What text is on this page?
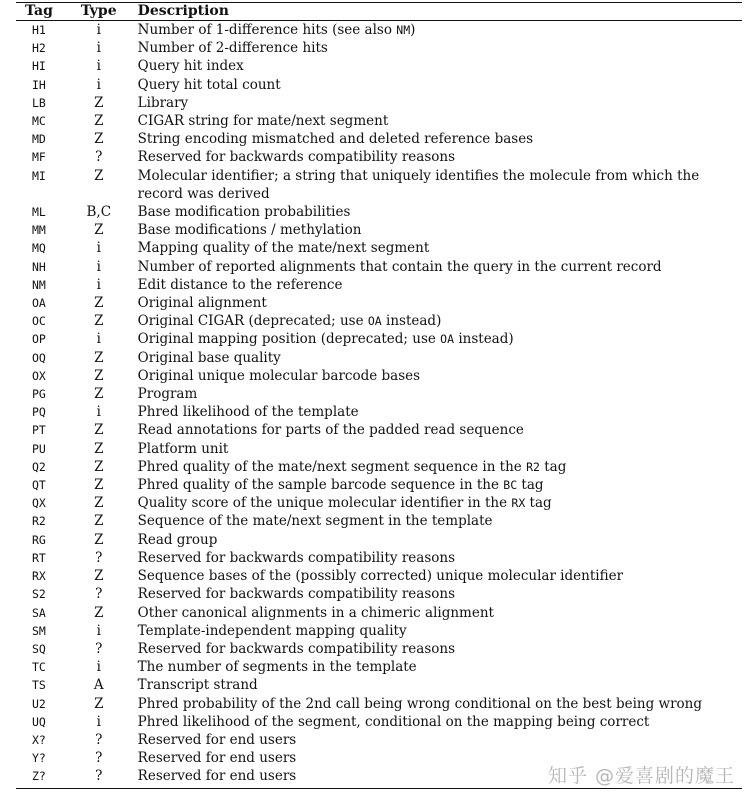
Tag	Type	Description
H1	i	Number of 1-difference hits (see also NM)
H2	i	Number of 2-difference hits
HI	i	Query hit index
IH	i	Query hit total count
LB	Z	Library
MC	Z	CIGAR string for mate/next segment
MD	Z	String encoding mismatched and deleted reference bases
MF	?	Reserved for backwards compatibility reasons
MI	Z	Molecular identifier; a string that uniquely identifies the molecule from which the record was derived
ML	B,C	Base modification probabilities
MM	Z	Base modifications / methylation
MQ	i	Mapping quality of the mate/next segment
NH	i	Number of reported alignments that contain the query in the current record
NM	i	Edit distance to the reference
OA	Z	Original alignment
OC	Z	Original CIGAR (deprecated; use OA instead)
OP	i	Original mapping position (deprecated; use OA instead)
OQ	Z	Original base quality
OX	Z	Original unique molecular barcode bases
PG	Z	Program
PQ	i	Phred likelihood of the template
PT	Z	Read annotations for parts of the padded read sequence
PU	Z	Platform unit
Q2	Z	Phred quality of the mate/next segment sequence in the R2 tag
QT	Z	Phred quality of the sample barcode sequence in the BC tag
QX	Z	Quality score of the unique molecular identifier in the RX tag
R2	Z	Sequence of the mate/next segment in the template
RG	Z	Read group
RT	?	Reserved for backwards compatibility reasons
RX	Z	Sequence bases of the (possibly corrected) unique molecular identifier
S2	?	Reserved for backwards compatibility reasons
SA	Z	Other canonical alignments in a chimeric alignment
SM	i	Template-independent mapping quality
SQ	?	Reserved for backwards compatibility reasons
TC	i	The number of segments in the template
TS	A	Transcript strand
U2	Z	Phred probability of the 2nd call being wrong conditional on the best being wrong
UQ	i	Phred likelihood of the segment, conditional on the mapping being correct
X?	?	Reserved for end users
Y?	?	Reserved for end users
Z?	?	Reserved for end users	知乎 @爱喜剧的魔王
